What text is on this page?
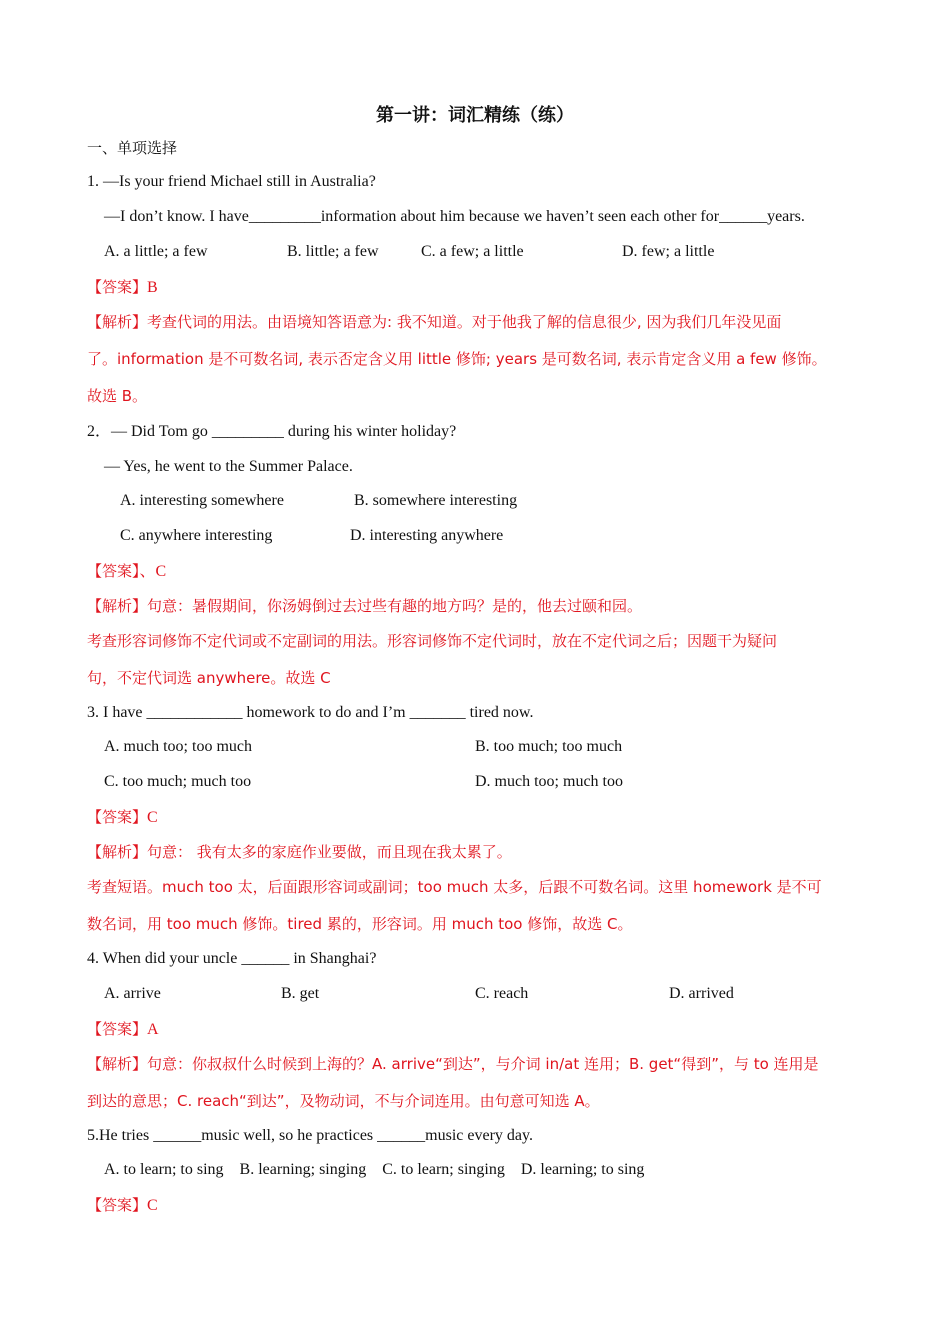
第一讲：词汇精练（练）
一、单项选择
1. —Is your friend Michael still in Australia?
—I don’t know. I have_________information about him because we haven’t seen each other for______years.
A. a little; a few	B. little; a few	C. a few; a little	D. few; a little
【答案】B
【解析】考查代词的用法。由语境知答语意为: 我不知道。对于他我了解的信息很少, 因为我们几年没见面
了。information 是不可数名词, 表示否定含义用 little 修饰; years 是可数名词, 表示肯定含义用 a few 修饰。
故选 B。
2．— Did Tom go _________ during his winter holiday?
— Yes, he went to the Summer Palace.
A. interesting somewhere	B. somewhere interesting
C. anywhere interesting	D. interesting anywhere
【答案】、C
【解析】句意：暑假期间，你汤姆倒过去过些有趣的地方吗？是的，他去过颐和园。
考查形容词修饰不定代词或不定副词的用法。形容词修饰不定代词时，放在不定代词之后；因题干为疑问
句，不定代词选 anywhere。故选 C
3. I have ____________ homework to do and I’m _______ tired now.
A. much too; too much	B. too much; too much
C. too much; much too	D. much too; much too
【答案】C
【解析】句意： 我有太多的家庭作业要做，而且现在我太累了。
考查短语。much too 太，后面跟形容词或副词；too much 太多，后跟不可数名词。这里 homework 是不可
数名词，用 too much 修饰。tired 累的，形容词。用 much too 修饰，故选 C。
4. When did your uncle ______ in Shanghai?
A. arrive	B. get	C. reach	D. arrived
【答案】A
【解析】句意：你叔叔什么时候到上海的？A. arrive“到达”，与介词 in/at 连用；B. get“得到”，与 to 连用是
到达的意思；C. reach“到达”，及物动词，不与介词连用。由句意可知选 A。
5.He tries ______music well, so he practices ______music every day.
A. to learn; to sing    B. learning; singing    C. to learn; singing    D. learning; to sing
【答案】C
